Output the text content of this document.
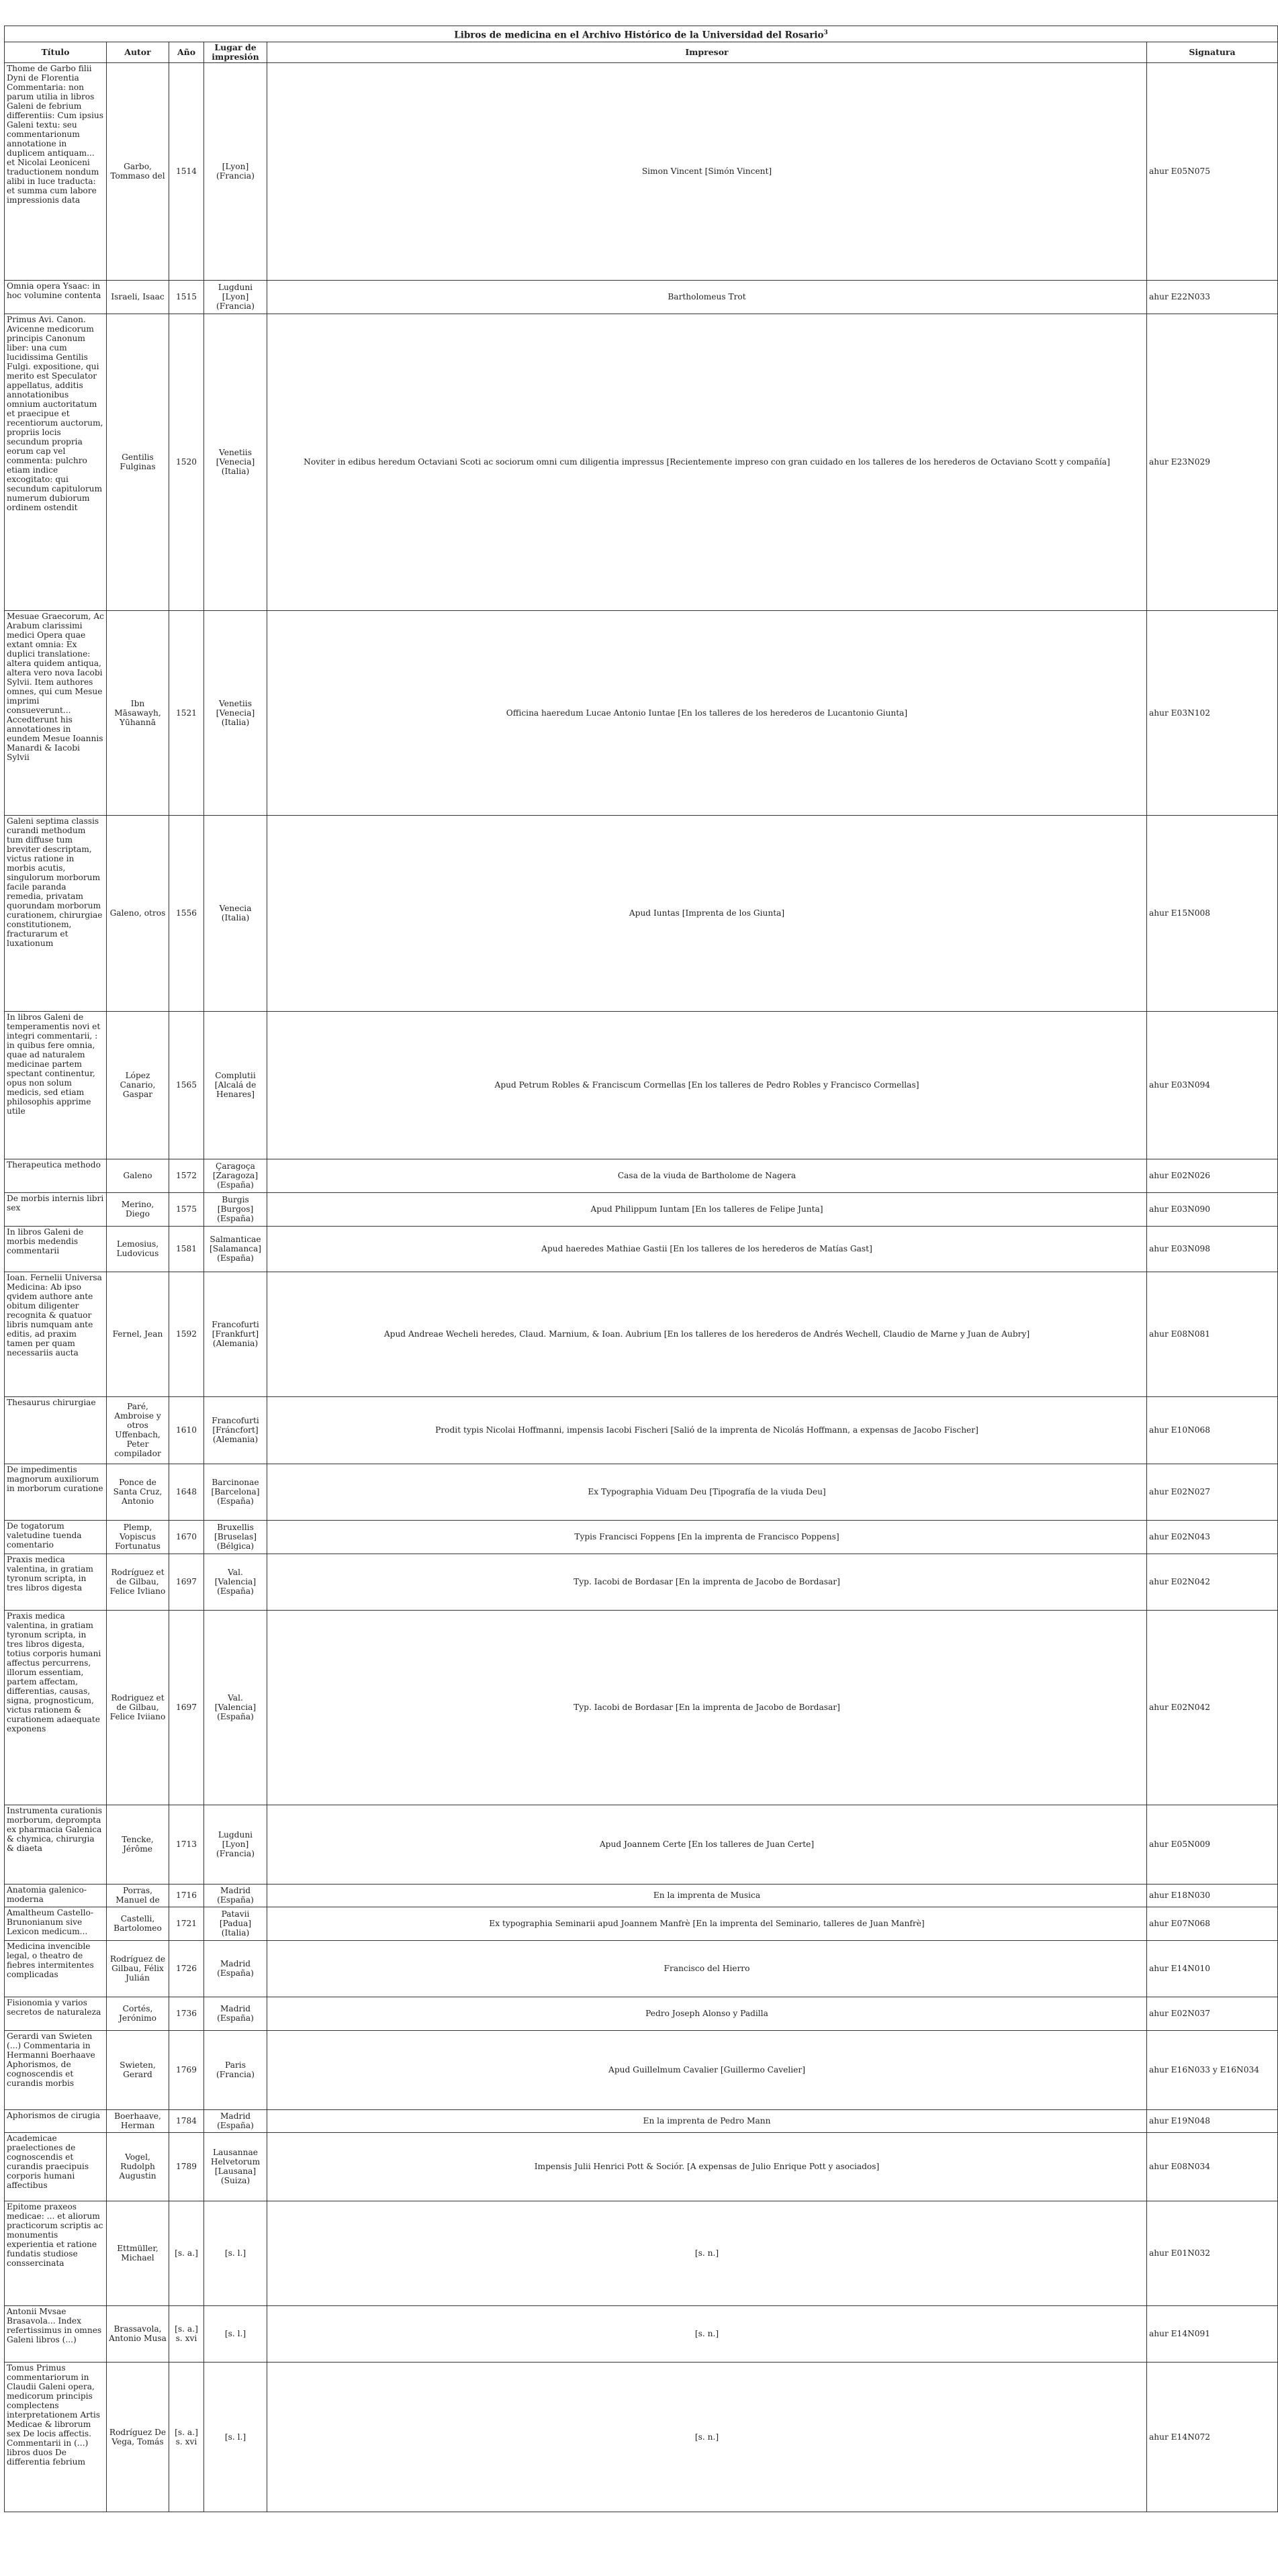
Libros de medicina en el Archivo Histórico de la Universidad del Rosario$^3$
Título	Autor	Año	Lugar de impresión	Impresor	Signatura
Thome de Garbo filii Dyni de Florentia Commentaria: non parum utilia in libros Galeni de febrium differentiis: Cum ipsius Galeni textu: seu commentarionum annotatione in duplicem antiquam... et Nicolai Leoniceni traductionem nondum alibi in luce traducta: et summa cum labore impressionis data	Garbo, Tommaso del	1514	[Lyon] (Francia)	Simon Vincent [Simón Vincent]	ahur E05N075
Omnia opera Ysaac: in hoc volumine contenta	Israeli, Isaac	1515	Lugduni [Lyon] (Francia)	Bartholomeus Trot	ahur E22N033
Primus Avi. Canon. Avicenne medicorum principis Canonum liber: una cum lucidissima Gentilis Fulgi. expositione, qui merito est Speculator appellatus, additis annotationibus omnium auctoritatum et praecipue et recentiorum auctorum, propriis locis secundum propria eorum cap vel commenta: pulchro etiam indice excogitato: qui secundum capitulorum numerum dubiorum ordinem ostendit	Gentilis Fulginas	1520	Venetiis [Venecia] (Italia)	Noviter in edibus heredum Octaviani Scoti ac sociorum omni cum diligentia impressus [Recientemente impreso con gran cuidado en los talleres de los herederos de Octaviano Scott y compañía]	ahur E23N029
Mesuae Graecorum, Ac Arabum clarissimi medici Opera quae extant omnia: Ex duplici translatione: altera quidem antiqua, altera vero nova Iacobi Sylvii. Item authores omnes, qui cum Mesue imprimi consueverunt... Accedterunt his annotationes in eundem Mesue Ioannis Manardi & Iacobi Sylvii	Ibn Māsawayh, Yūhannā	1521	Venetiis [Venecia] (Italia)	Officina haeredum Lucae Antonio Iuntae [En los talleres de los herederos de Lucantonio Giunta]	ahur E03N102
Galeni septima classis curandi methodum tum diffuse tum breviter descriptam, victus ratione in morbis acutis, singulorum morborum facile paranda remedia, privatam quorundam morborum curationem, chirurgiae constitutionem, fracturarum et luxationum	Galeno, otros	1556	Venecia (Italia)	Apud Iuntas [Imprenta de los Giunta]	ahur E15N008
In libros Galeni de temperamentis novi et integri commentarii, : in quibus fere omnia, quae ad naturalem medicinae partem spectant continentur, opus non solum medicis, sed etiam philosophis apprime utile	López Canario, Gaspar	1565	Complutii [Alcalá de Henares]	Apud Petrum Robles & Franciscum Cormellas [En los talleres de Pedro Robles y Francisco Cormellas]	ahur E03N094
Therapeutica methodo	Galeno	1572	Çaragoça [Zaragoza] (España)	Casa de la viuda de Bartholome de Nagera	ahur E02N026
De morbis internis libri sex	Merino, Diego	1575	Burgis [Burgos] (España)	Apud Philippum Iuntam [En los talleres de Felipe Junta]	ahur E03N090
In libros Galeni de morbis medendis commentarii	Lemosius, Ludovicus	1581	Salmanticae [Salamanca] (España)	Apud haeredes Mathiae Gastii [En los talleres de los herederos de Matías Gast]	ahur E03N098
Ioan. Fernelii Universa Medicina: Ab ipso qvidem authore ante obitum diligenter recognita & quatuor libris numquam ante editis, ad praxim tamen per quam necessariis aucta	Fernel, Jean	1592	Francofurti [Frankfurt] (Alemania)	Apud Andreae Wecheli heredes, Claud. Marnium, & Ioan. Aubrium [En los talleres de los herederos de Andrés Wechell, Claudio de Marne y Juan de Aubry]	ahur E08N081
Thesaurus chirurgiae	Paré, Ambroise y otros Uffenbach, Peter compilador	1610	Francofurti [Fráncfort] (Alemania)	Prodit typis Nicolai Hoffmanni, impensis Iacobi Fischeri [Salió de la imprenta de Nicolás Hoffmann, a expensas de Jacobo Fischer]	ahur E10N068
De impedimentis magnorum auxiliorum in morborum curatione	Ponce de Santa Cruz, Antonio	1648	Barcinonae [Barcelona] (España)	Ex Typographia Viduam Deu [Tipografía de la viuda Deu]	ahur E02N027
De togatorum valetudine tuenda comentario	Plemp, Vopiscus Fortunatus	1670	Bruxellis [Bruselas] (Bélgica)	Typis Francisci Foppens [En la imprenta de Francisco Poppens]	ahur E02N043
Praxis medica valentina, in gratiam tyronum scripta, in tres libros digesta	Rodríguez et de Gilbau, Felice Ivliano	1697	Val. [Valencia] (España)	Typ. Iacobi de Bordasar [En la imprenta de Jacobo de Bordasar]	ahur E02N042
Praxis medica valentina, in gratiam tyronum scripta, in tres libros digesta, totius corporis humani affectus percurrens, illorum essentiam, partem affectam, differentias, causas, signa, prognosticum, victus rationem & curationem adaequate exponens	Rodriguez et de Gilbau, Felice Iviiano	1697	Val. [Valencia] (España)	Typ. Iacobi de Bordasar [En la imprenta de Jacobo de Bordasar]	ahur E02N042
Instrumenta curationis morborum, deprompta ex pharmacia Galenica & chymica, chirurgia & diaeta	Tencke, Jérôme	1713	Lugduni [Lyon] (Francia)	Apud Joannem Certe [En los talleres de Juan Certe]	ahur E05N009
Anatomia galenico-moderna	Porras, Manuel de	1716	Madrid (España)	En la imprenta de Musica	ahur E18N030
Amaltheum Castello-Brunonianum sive Lexicon medicum...	Castelli, Bartolomeo	1721	Patavii [Padua] (Italia)	Ex typographia Seminarii apud Joannem Manfrè [En la imprenta del Seminario, talleres de Juan Manfrè]	ahur E07N068
Medicina invencible legal, o theatro de fiebres intermitentes complicadas	Rodríguez de Gilbau, Félix Julián	1726	Madrid (España)	Francisco del Hierro	ahur E14N010
Fisionomia y varios secretos de naturaleza	Cortés, Jerónimo	1736	Madrid (España)	Pedro Joseph Alonso y Padilla	ahur E02N037
Gerardi van Swieten (...) Commentaria in Hermanni Boerhaave Aphorismos, de cognoscendis et curandis morbis	Swieten, Gerard	1769	Paris (Francia)	Apud Guillelmum Cavalier [Guillermo Cavelier]	ahur E16N033 y E16N034
Aphorismos de cirugia	Boerhaave, Herman	1784	Madrid (España)	En la imprenta de Pedro Mann	ahur E19N048
Academicae praelectiones de cognoscendis et curandis praecipuis corporis humani affectibus	Vogel, Rudolph Augustin	1789	Lausannae Helvetorum [Lausana] (Suiza)	Impensis Julii Henrici Pott & Sociór. [A expensas de Julio Enrique Pott y asociados]	ahur E08N034
Epitome praxeos medicae: ... et aliorum practicorum scriptis ac monumentis experientia et ratione fundatis studiose conssercinata	Ettmüller, Michael	[s. a.]	[s. l.]	[s. n.]	ahur E01N032
Antonii Mvsae Brasavola... Index refertissimus in omnes Galeni libros (...)	Brassavola, Antonio Musa	[s. a.] s. xvi	[s. l.]	[s. n.]	ahur E14N091
Tomus Primus commentariorum in Claudii Galeni opera, medicorum principis complectens interpretationem Artis Medicae & librorum sex De locis affectis. Commentarii in (...) libros duos De differentia febrium	Rodríguez De Vega, Tomás	[s. a.] s. xvi	[s. l.]	[s. n.]	ahur E14N072
